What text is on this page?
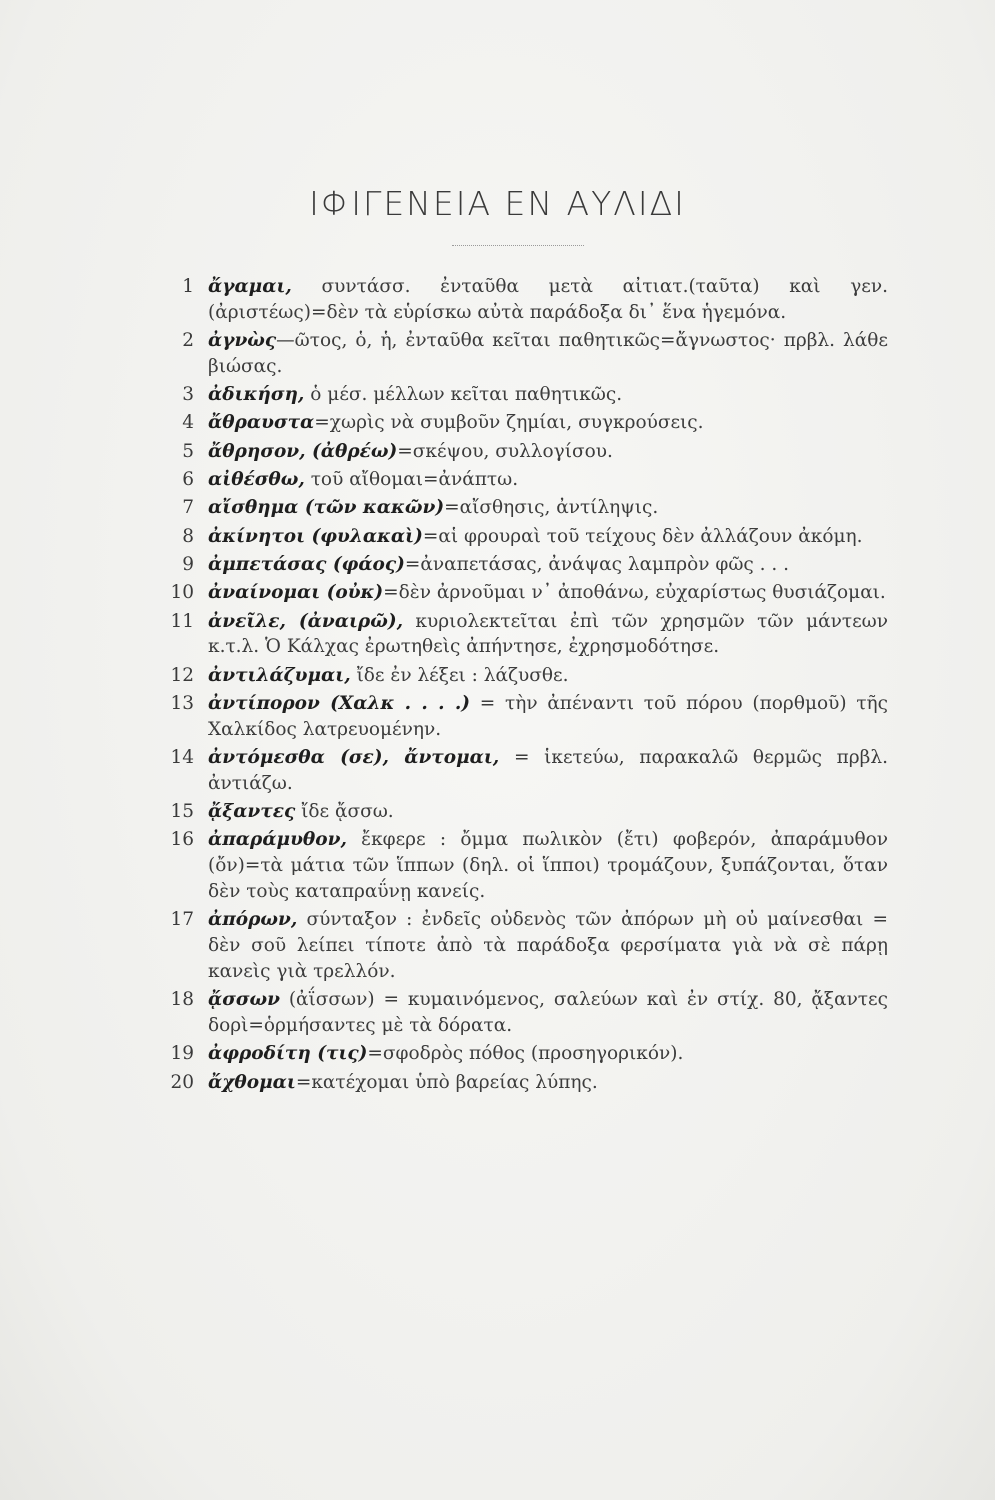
ΙΦΙΓΕΝΕΙΑ ΕΝ ΑΥΛΙΔΙ
1 ἄγαμαι, συντάσσ. ἐνταῦθα μετὰ αἰτιατ.(ταῦτα) καὶ γεν.(ἀριστέως)=δὲν τὰ εὑρίσκω αὐτὰ παράδοξα δι᾽ ἕνα ἡγεμόνα.
2 ἀγνὼς—ῶτος, ὁ, ἡ, ἐνταῦθα κεῖται παθητικῶς=ἄγνωστος· πρβλ. λάθε βιώσας.
3 ἀδικήση, ὁ μέσ. μέλλων κεῖται παθητικῶς.
4 ἄθραυστα=χωρὶς νὰ συμβοῦν ζημίαι, συγκρούσεις.
5 ἄθρησον, (ἀθρέω)=σκέψου, συλλογίσου.
6 αἰθέσθω, τοῦ αἴθομαι=ἀνάπτω.
7 αἴσθημα (τῶν κακῶν)=αἴσθησις, ἀντίληψις.
8 ἀκίνητοι (φυλακαὶ)=αἱ φρουραὶ τοῦ τείχους δὲν ἀλλάζουν ἀκόμη.
9 ἀμπετάσας (φάος)=ἀναπετάσας, ἀνάψας λαμπρὸν φῶς . . .
10 ἀναίνομαι (οὐκ)=δὲν ἀρνοῦμαι ν᾽ ἀποθάνω, εὐχαρίστως θυσιάζομαι.
11 ἀνεῖλε, (ἀναιρῶ), κυριολεκτεῖται ἐπὶ τῶν χρησμῶν τῶν μάντεων κ.τ.λ. Ὁ Κάλχας ἐρωτηθεὶς ἀπήντησε, ἐχρησμοδότησε.
12 ἀντιλάζυμαι, ἴδε ἐν λέξει : λάζυσθε.
13 ἀντίπορον (Χαλκ . . . .) = τὴν ἀπέναντι τοῦ πόρου (πορθμοῦ) τῆς Χαλκίδος λατρευομένην.
14 ἀντόμεσθα (σε), ἄντομαι, = ἱκετεύω, παρακαλῶ θερμῶς πρβλ. ἀντιάζω.
15 ᾄξαντες ἴδε ᾄσσω.
16 ἀπαράμυθον, ἔκφερε : ὄμμα πωλικὸν (ἔτι) φοβερόν, ἀπαράμυθον (ὄν)=τὰ μάτια τῶν ἵππων (δηλ. οἱ ἵπποι) τρομάζουν, ξυπάζονται, ὅταν δὲν τοὺς καταπραΰνῃ κανείς.
17 ἀπόρων, σύνταξον : ἐνδεῖς οὐδενὸς τῶν ἀπόρων μὴ οὐ μαίνεσθαι = δὲν σοῦ λείπει τίποτε ἀπὸ τὰ παράδοξα φερσίματα γιὰ νὰ σὲ πάρῃ κανεὶς γιὰ τρελλόν.
18 ᾄσσων (ἀΐσσων) = κυμαινόμενος, σαλεύων καὶ ἐν στίχ. 80, ᾄξαντες δορὶ=ὁρμήσαντες μὲ τὰ δόρατα.
19 ἀφροδίτη (τις)=σφοδρὸς πόθος (προσηγορικόν).
20 ἄχθομαι=κατέχομαι ὑπὸ βαρείας λύπης.
